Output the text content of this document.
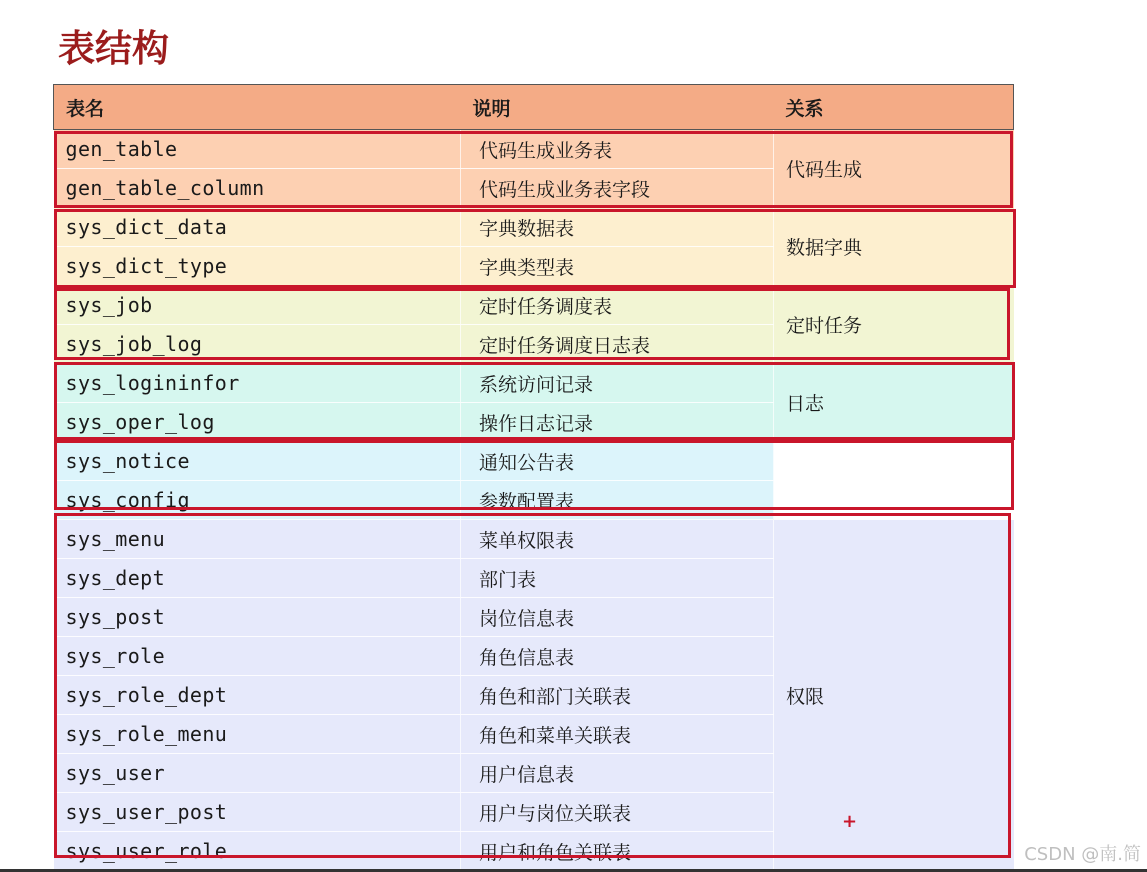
表结构
表名	说明	关系
gen_table	代码生成业务表	代码生成
gen_table_column	代码生成业务表字段	
sys_dict_data	字典数据表	数据字典
sys_dict_type	字典类型表	
sys_job	定时任务调度表	定时任务
sys_job_log	定时任务调度日志表	
sys_logininfor	系统访问记录	日志
sys_oper_log	操作日志记录	
sys_notice	通知公告表	
sys_config	参数配置表	
sys_menu	菜单权限表	权限
sys_dept	部门表	
sys_post	岗位信息表	
sys_role	角色信息表	
sys_role_dept	角色和部门关联表	
sys_role_menu	角色和菜单关联表	
sys_user	用户信息表	
sys_user_post	用户与岗位关联表	
sys_user_role	用户和角色关联表	
+
CSDN @南.简
